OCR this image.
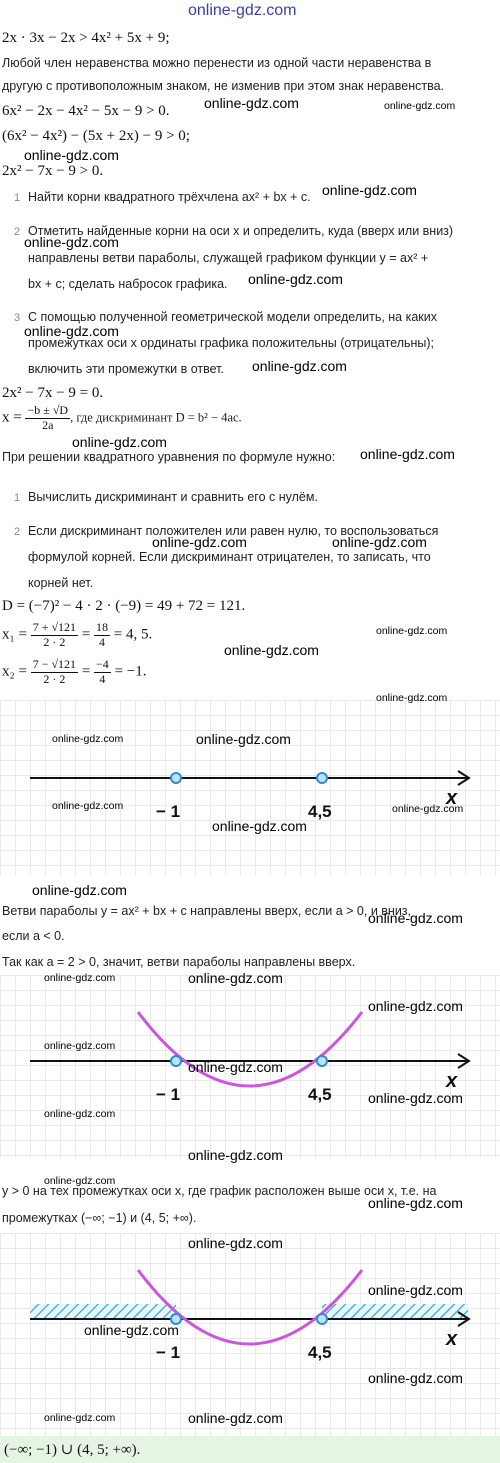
online-gdz.com
2x · 3x − 2x > 4x² + 5x + 9;
Любой член неравенства можно перенести из одной части неравенства в
другую с противоположным знаком, не изменив при этом знак неравенства.
6x² − 2x − 4x² − 5x − 9 > 0.
(6x² − 4x²) − (5x + 2x) − 9 > 0;
2x² − 7x − 9 > 0.
1 Найти корни квадратного трёхчлена ax² + bx + c.
2 Отметить найденные корни на оси x и определить, куда (вверх или вниз)
направлены ветви параболы, служащей графиком функции y = ax² +
bx + c; сделать набросок графика.
3 С помощью полученной геометрической модели определить, на каких
промежутках оси x ординаты графика положительны (отрицательны);
включить эти промежутки в ответ.
2x² − 7x − 9 = 0.
$x = \frac{-b \pm √D}{2a}$ , где дискриминант D = b² − 4ac.
При решении квадратного уравнения по формуле нужно:
1 Вычислить дискриминант и сравнить его с нулём.
2 Если дискриминант положителен или равен нулю, то воспользоваться
формулой корней. Если дискриминант отрицателен, то записать, что
корней нет.
D = (−7)² − 4 · 2 · (−9) = 49 + 72 = 121.
$x_1 = \frac{7 + √121}{2 \cdot 2} = \frac{18}{4} = 4$, 5.
$x_2 = \frac{7 - √121}{2 \cdot 2} = \frac{-4}{4} = -1$.
x
− 1	4,5
Ветви параболы y = ax² + bx + c направлены вверх, если a > 0, и вниз,
если a < 0.
Так как a = 2 > 0, значит, ветви параболы направлены вверх.
x
− 1	4,5
y > 0 на тех промежутках оси x, где график расположен выше оси x, т.е. на
промежутках (−∞; −1) и (4, 5; +∞).
x
− 1	4,5
(−∞; −1) ∪ (4, 5; +∞).
online-gdz.com	online-gdz.com
online-gdz.com
online-gdz.com
online-gdz.com
online-gdz.com
online-gdz.com
online-gdz.com
online-gdz.com
online-gdz.com
online-gdz.com	online-gdz.com
online-gdz.com
online-gdz.com
online-gdz.com
online-gdz.com	online-gdz.com
online-gdz.com	online-gdz.com
online-gdz.com
online-gdz.com
online-gdz.com
online-gdz.com	online-gdz.com
online-gdz.com
online-gdz.com
online-gdz.com
online-gdz.com
online-gdz.com
online-gdz.com
online-gdz.com
online-gdz.com
online-gdz.com
online-gdz.com
online-gdz.com
online-gdz.com
online-gdz.com	online-gdz.com
